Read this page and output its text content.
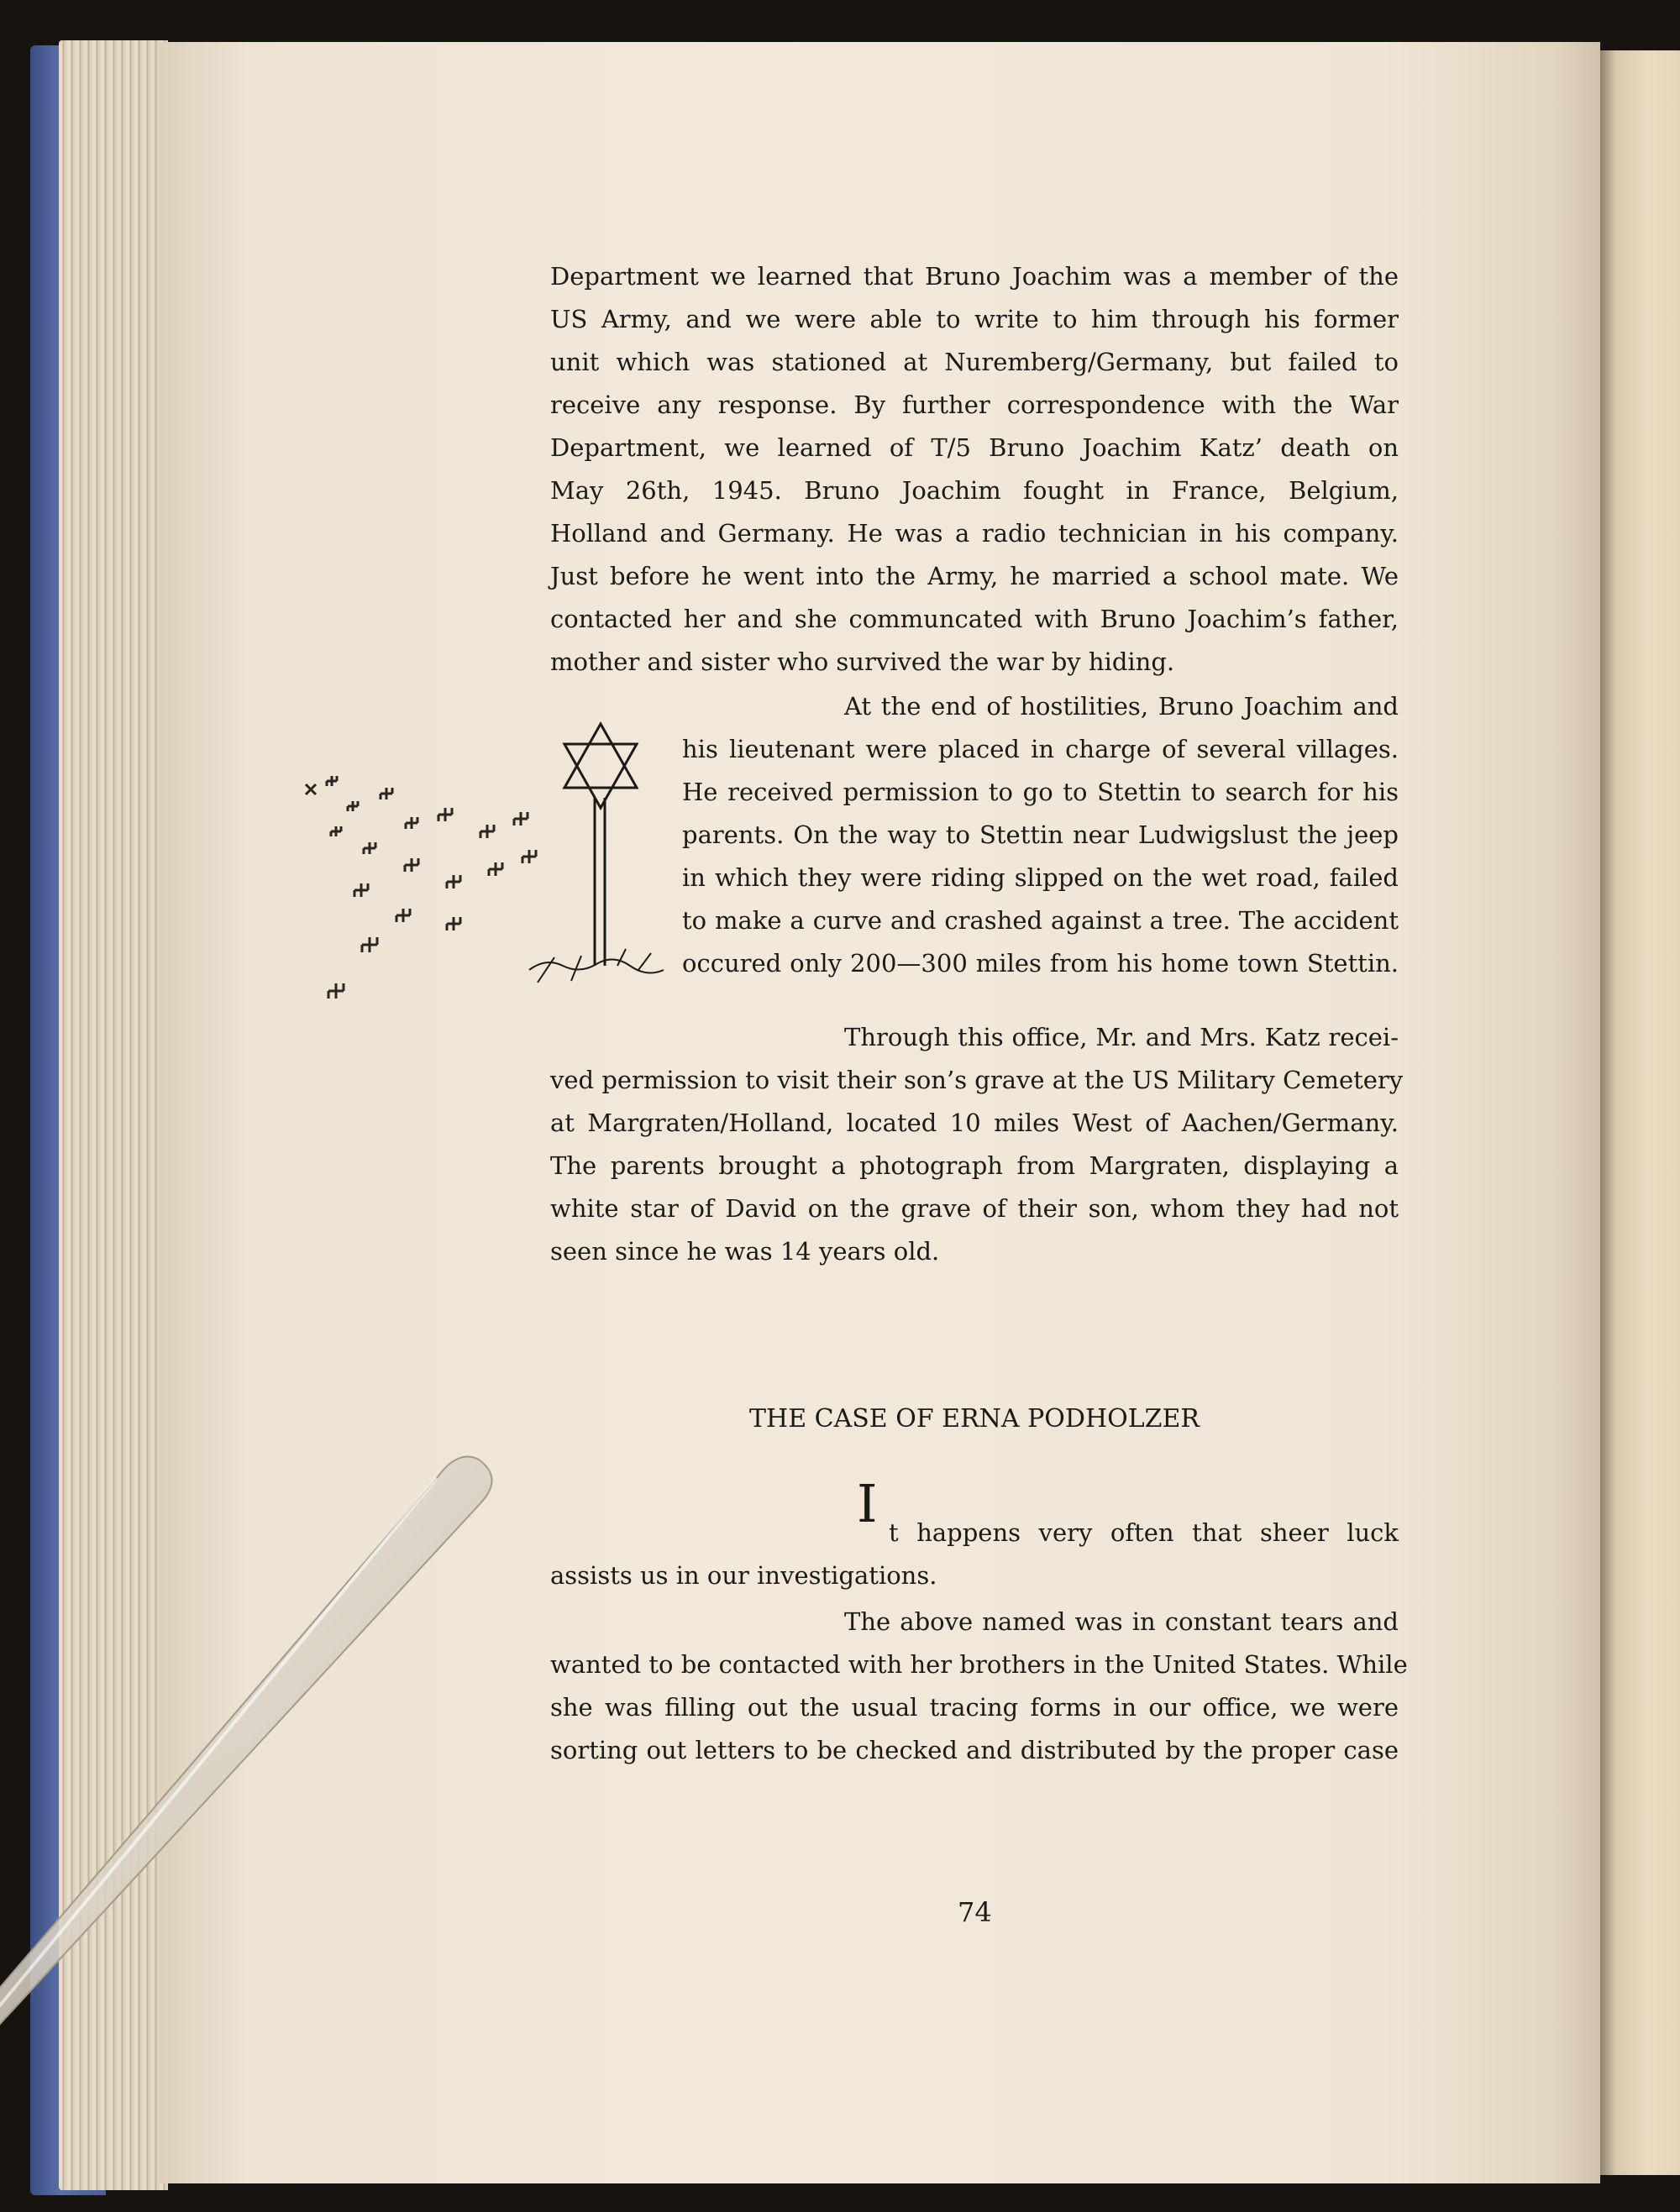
Department we learned that Bruno Joachim was a member of the
US Army, and we were able to write to him through his former
unit which was stationed at Nuremberg/Germany, but failed to
receive any response. By further correspondence with the War
Department, we learned of T/5 Bruno Joachim Katz’ death on
May 26th, 1945. Bruno Joachim fought in France, Belgium,
Holland and Germany. He was a radio technician in his company.
Just before he went into the Army, he married a school mate. We
contacted her and she communcated with Bruno Joachim’s father,
mother and sister who survived the war by hiding.
At the end of hostilities, Bruno Joachim and
his lieutenant were placed in charge of several villages.
He received permission to go to Stettin to search for his
parents. On the way to Stettin near Ludwigslust the jeep
in which they were riding slipped on the wet road, failed
to make a curve and crashed against a tree. The accident
occured only 200—300 miles from his home town Stettin.
Through this office, Mr. and Mrs. Katz recei-
ved permission to visit their son’s grave at the US Military Cemetery
at Margraten/Holland, located 10 miles West of Aachen/Germany.
The parents brought a photograph from Margraten, displaying a
white star of David on the grave of their son, whom they had not
seen since he was 14 years old.
THE CASE OF ERNA PODHOLZER
I t happens very often that sheer luck
assists us in our investigations.
The above named was in constant tears and
wanted to be contacted with her brothers in the United States. While
she was filling out the usual tracing forms in our office, we were
sorting out letters to be checked and distributed by the proper case
74
